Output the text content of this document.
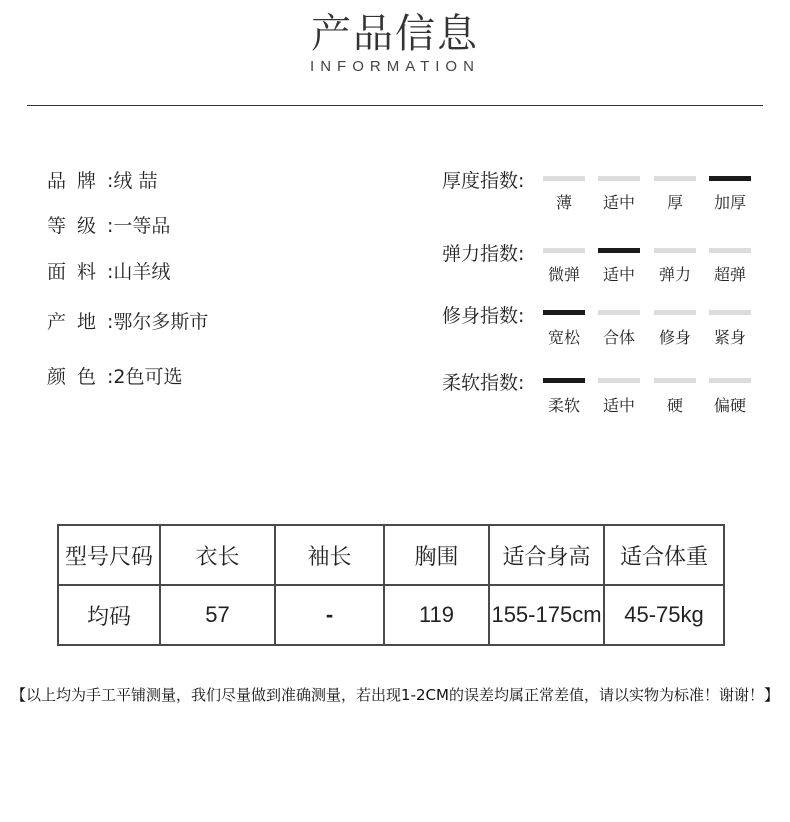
产品信息
INFORMATION
品牌:绒 喆
等级:一等品
面料:山羊绒
产地:鄂尔多斯市
颜色:2色可选
厚度指数:
薄	适中	厚	加厚
弹力指数:
微弹	适中	弹力	超弹
修身指数:
宽松	合体	修身	紧身
柔软指数:
柔软	适中	硬	偏硬
型号尺码	衣长	袖长	胸围	适合身高	适合体重
均码	57	-	119	155-175cm	45-75kg
【以上均为手工平铺测量，我们尽量做到准确测量，若出现1-2CM的误差均属正常差值，请以实物为标准！谢谢！】
